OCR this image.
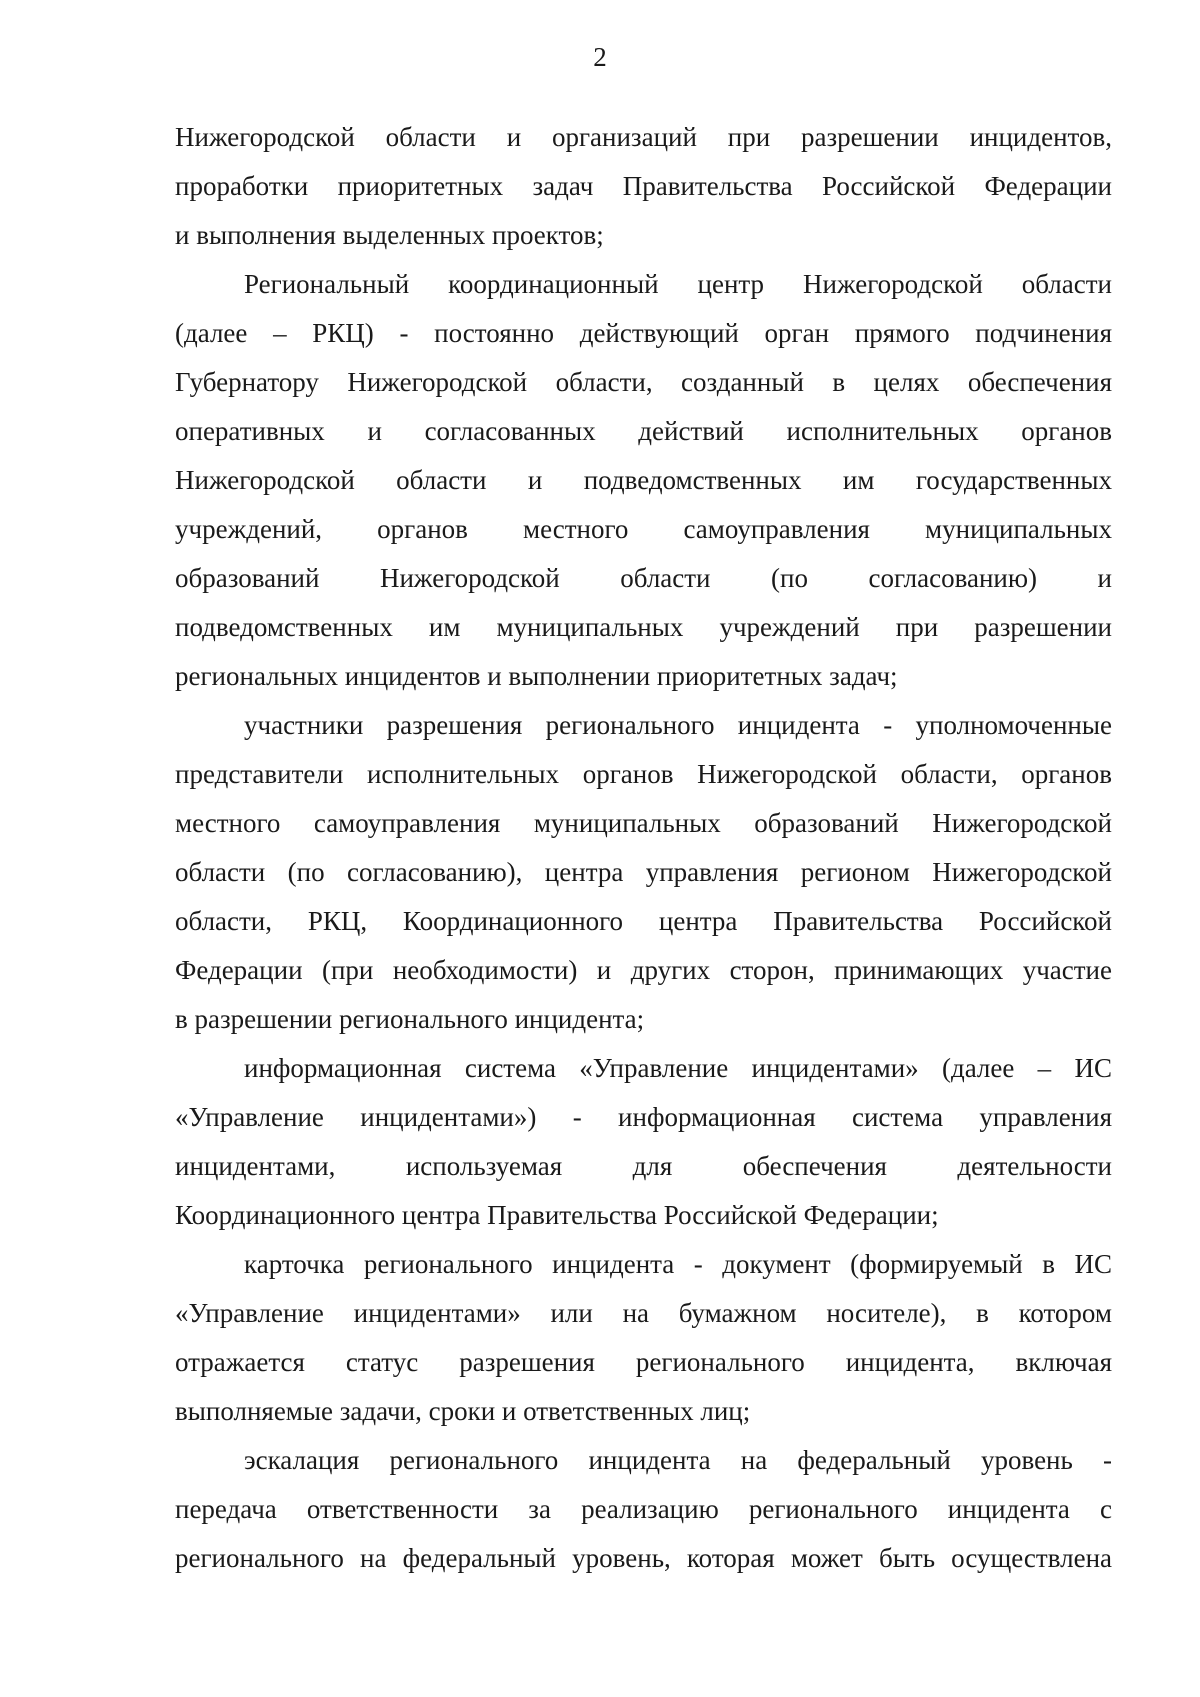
2
Нижегородской области и организаций при разрешении инцидентов,
проработки приоритетных задач Правительства Российской Федерации
и выполнения выделенных проектов;
Региональный координационный центр Нижегородской области
(далее – РКЦ) - постоянно действующий орган прямого подчинения
Губернатору Нижегородской области, созданный в целях обеспечения
оперативных и согласованных действий исполнительных органов
Нижегородской области и подведомственных им государственных
учреждений, органов местного самоуправления муниципальных
образований Нижегородской области (по согласованию) и
подведомственных им муниципальных учреждений при разрешении
региональных инцидентов и выполнении приоритетных задач;
участники разрешения регионального инцидента - уполномоченные
представители исполнительных органов Нижегородской области, органов
местного самоуправления муниципальных образований Нижегородской
области (по согласованию), центра управления регионом Нижегородской
области, РКЦ, Координационного центра Правительства Российской
Федерации (при необходимости) и других сторон, принимающих участие
в разрешении регионального инцидента;
информационная система «Управление инцидентами» (далее – ИС
«Управление инцидентами») - информационная система управления
инцидентами, используемая для обеспечения деятельности
Координационного центра Правительства Российской Федерации;
карточка регионального инцидента - документ (формируемый в ИС
«Управление инцидентами» или на бумажном носителе), в котором
отражается статус разрешения регионального инцидента, включая
выполняемые задачи, сроки и ответственных лиц;
эскалация регионального инцидента на федеральный уровень -
передача ответственности за реализацию регионального инцидента с
регионального на федеральный уровень, которая может быть осуществлена
